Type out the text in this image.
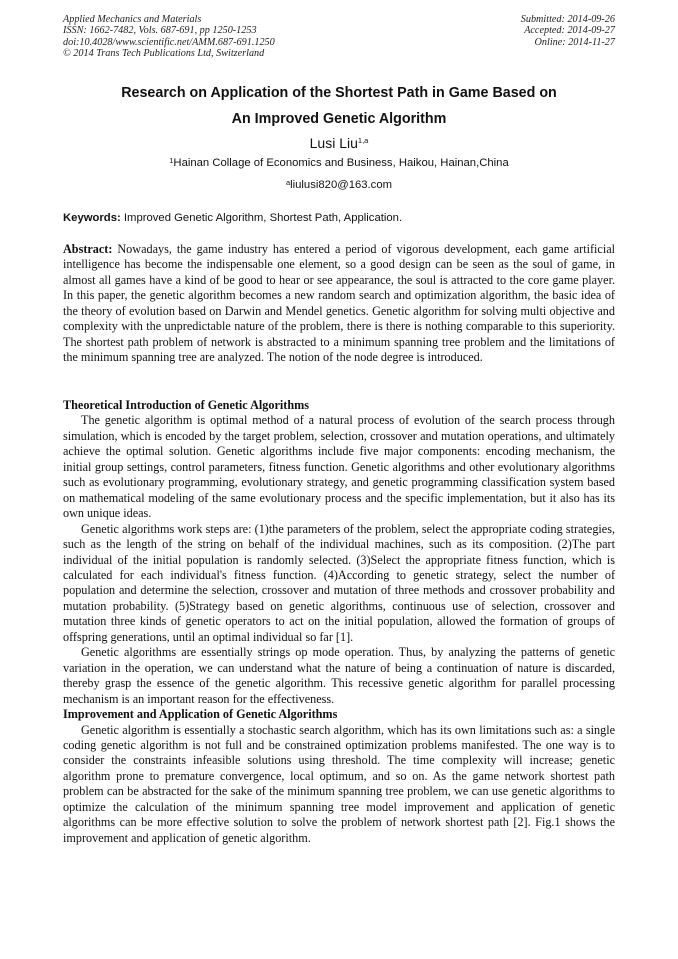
Applied Mechanics and Materials
ISSN: 1662-7482, Vols. 687-691, pp 1250-1253
doi:10.4028/www.scientific.net/AMM.687-691.1250
© 2014 Trans Tech Publications Ltd, Switzerland
Submitted: 2014-09-26
Accepted: 2014-09-27
Online: 2014-11-27
Research on Application of the Shortest Path in Game Based on
An Improved Genetic Algorithm
Lusi Liu$^{1,a}$
$^1$Hainan Collage of Economics and Business, Haikou, Hainan,China
$^a$liulusi820@163.com
Keywords: Improved Genetic Algorithm, Shortest Path, Application.

Abstract: Nowadays, the game industry has entered a period of vigorous development, each game artificial intelligence has become the indispensable one element, so a good design can be seen as the soul of game, in almost all games have a kind of be good to hear or see appearance, the soul is attracted to the core game player. In this paper, the genetic algorithm becomes a new random search and optimization algorithm, the basic idea of the theory of evolution based on Darwin and Mendel genetics. Genetic algorithm for solving multi objective and complexity with the unpredictable nature of the problem, there is there is nothing comparable to this superiority. The shortest path problem of network is abstracted to a minimum spanning tree problem and the limitations of the minimum spanning tree are analyzed. The notion of the node degree is introduced.

Theoretical Introduction of Genetic Algorithms

The genetic algorithm is optimal method of a natural process of evolution of the search process through simulation, which is encoded by the target problem, selection, crossover and mutation operations, and ultimately achieve the optimal solution. Genetic algorithms include five major components: encoding mechanism, the initial group settings, control parameters, fitness function. Genetic algorithms and other evolutionary algorithms such as evolutionary programming, evolutionary strategy, and genetic programming classification system based on mathematical modeling of the same evolutionary process and the specific implementation, but it also has its own unique ideas.

Genetic algorithms work steps are: (1)the parameters of the problem, select the appropriate coding strategies, such as the length of the string on behalf of the individual machines, such as its composition. (2)The part individual of the initial population is randomly selected. (3)Select the appropriate fitness function, which is calculated for each individual's fitness function. (4)According to genetic strategy, select the number of population and determine the selection, crossover and mutation of three methods and crossover probability and mutation probability. (5)Strategy based on genetic algorithms, continuous use of selection, crossover and mutation three kinds of genetic operators to act on the initial population, allowed the formation of groups of offspring generations, until an optimal individual so far [1].

Genetic algorithms are essentially strings op mode operation. Thus, by analyzing the patterns of genetic variation in the operation, we can understand what the nature of being a continuation of nature is discarded, thereby grasp the essence of the genetic algorithm. This recessive genetic algorithm for parallel processing mechanism is an important reason for the effectiveness.

Improvement and Application of Genetic Algorithms

Genetic algorithm is essentially a stochastic search algorithm, which has its own limitations such as: a single coding genetic algorithm is not full and be constrained optimization problems manifested. The one way is to consider the constraints infeasible solutions using threshold. The time complexity will increase; genetic algorithm prone to premature convergence, local optimum, and so on. As the game network shortest path problem can be abstracted for the sake of the minimum spanning tree problem, we can use genetic algorithms to optimize the calculation of the minimum spanning tree model improvement and application of genetic algorithms can be more effective solution to solve the problem of network shortest path [2]. Fig.1 shows the improvement and application of genetic algorithm.
